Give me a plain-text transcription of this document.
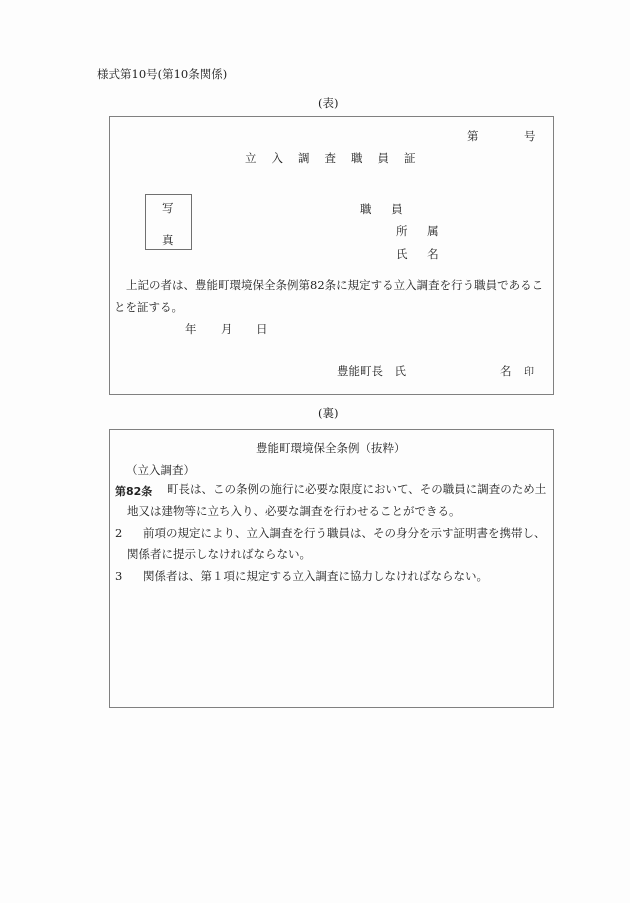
様式第10号(第10条関係)
(表)
第	号
立入調査職員証
写
真
職 員
所 属
氏 名
上記の者は、豊能町環境保全条例第82条に規定する立入調査を行う職員であるこ
とを証する。
年 月 日
豊能町長　氏	名 印
(裏)
豊能町環境保全条例（抜粋）
（立入調査）
第82条 町長は、この条例の施行に必要な限度において、その職員に調査のため土
地又は建物等に立ち入り、必要な調査を行わせることができる。
2 前項の規定により、立入調査を行う職員は、その身分を示す証明書を携帯し、
関係者に提示しなければならない。
3 関係者は、第１項に規定する立入調査に協力しなければならない。
